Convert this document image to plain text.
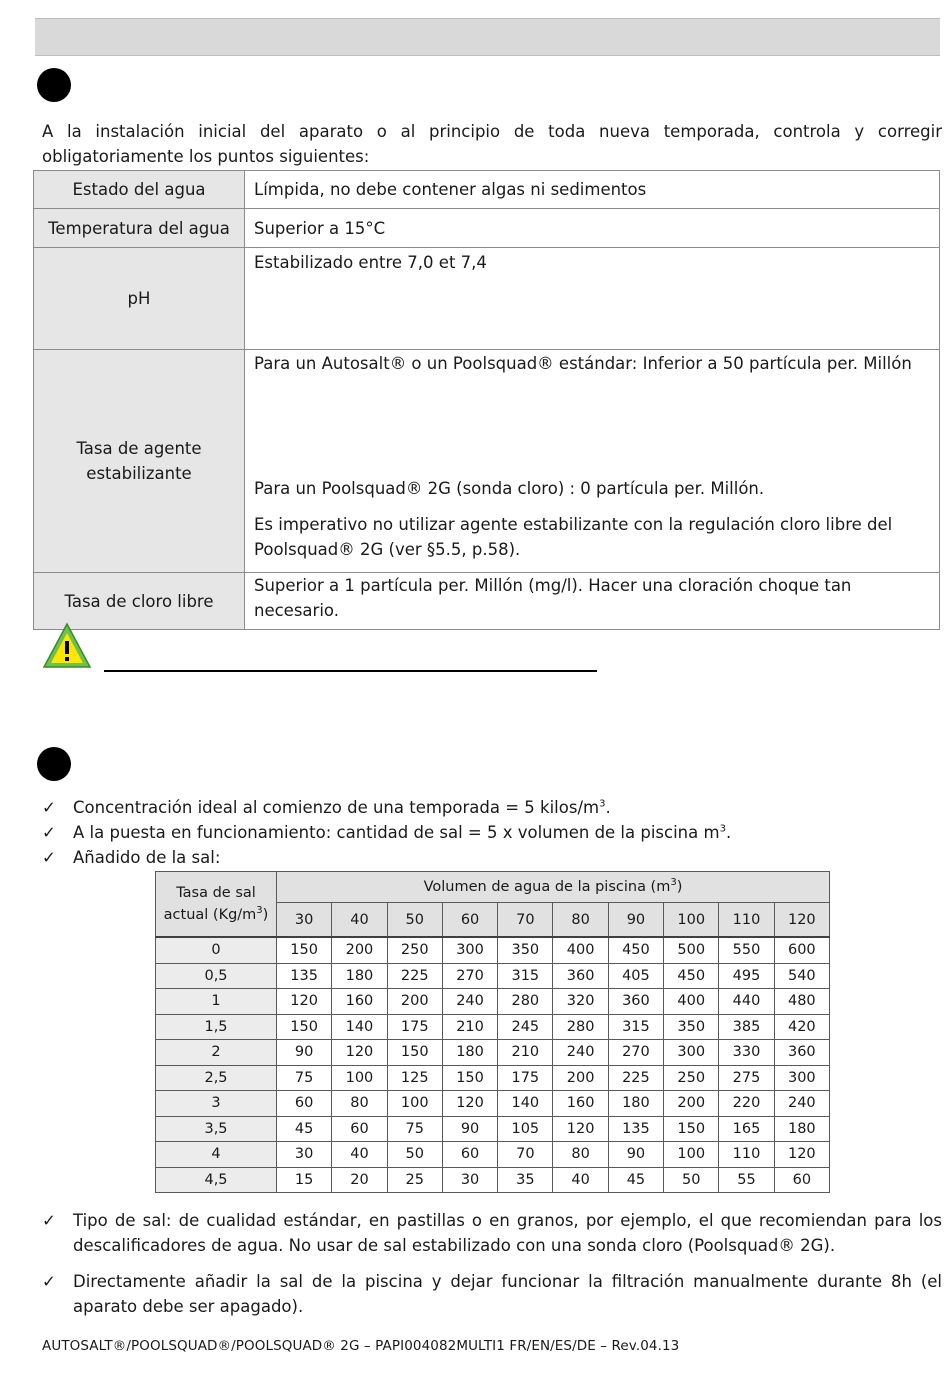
A la instalación inicial del aparato o al principio de toda nueva temporada, controla y corregir obligatoriamente los puntos siguientes:
Estado del agua	Límpida, no debe contener algas ni sedimentos

Temperatura del agua	Superior a 15°C

pH	Estabilizado entre 7,0 et 7,4

Tasa de agente estabilizante	Para un Autosalt® o un Poolsquad® estándar: Inferior a 50 partícula per. Millón

Para un Poolsquad® 2G (sonda cloro) : 0 partícula per. Millón.

Es imperativo no utilizar agente estabilizante con la regulación cloro libre del Poolsquad® 2G (ver §5.5, p.58).

Tasa de cloro libre	Superior a 1 partícula per. Millón (mg/l). Hacer una cloración choque tan necesario.

✓ Concentración ideal al comienzo de una temporada = 5 kilos/$m^3$.

✓ A la puesta en funcionamiento: cantidad de sal = 5 x volumen de la piscina $m^3$.

✓ Añadido de la sal:

Tasa de sal actual $(Kg/m^3)$	Volumen de agua de la piscina $(m^3)$									
	30	40	50	60	70	80	90	100	110	120
0	150	200	250	300	350	400	450	500	550	600
0,5	135	180	225	270	315	360	405	450	495	540
1	120	160	200	240	280	320	360	400	440	480
1,5	150	140	175	210	245	280	315	350	385	420
2	90	120	150	180	210	240	270	300	330	360
2,5	75	100	125	150	175	200	225	250	275	300
3	60	80	100	120	140	160	180	200	220	240
3,5	45	60	75	90	105	120	135	150	165	180
4	30	40	50	60	70	80	90	100	110	120
4,5	15	20	25	30	35	40	45	50	55	60

✓ Tipo de sal: de cualidad estándar, en pastillas o en granos, por ejemplo, el que recomiendan para los descalificadores de agua. No usar de sal estabilizado con una sonda cloro (Poolsquad® 2G).

✓ Directamente añadir la sal de la piscina y dejar funcionar la filtración manualmente durante 8h (el aparato debe ser apagado).

AUTOSALT®/POOLSQUAD®/POOLSQUAD® 2G – PAPI004082MULTI1 FR/EN/ES/DE – Rev.04.13
